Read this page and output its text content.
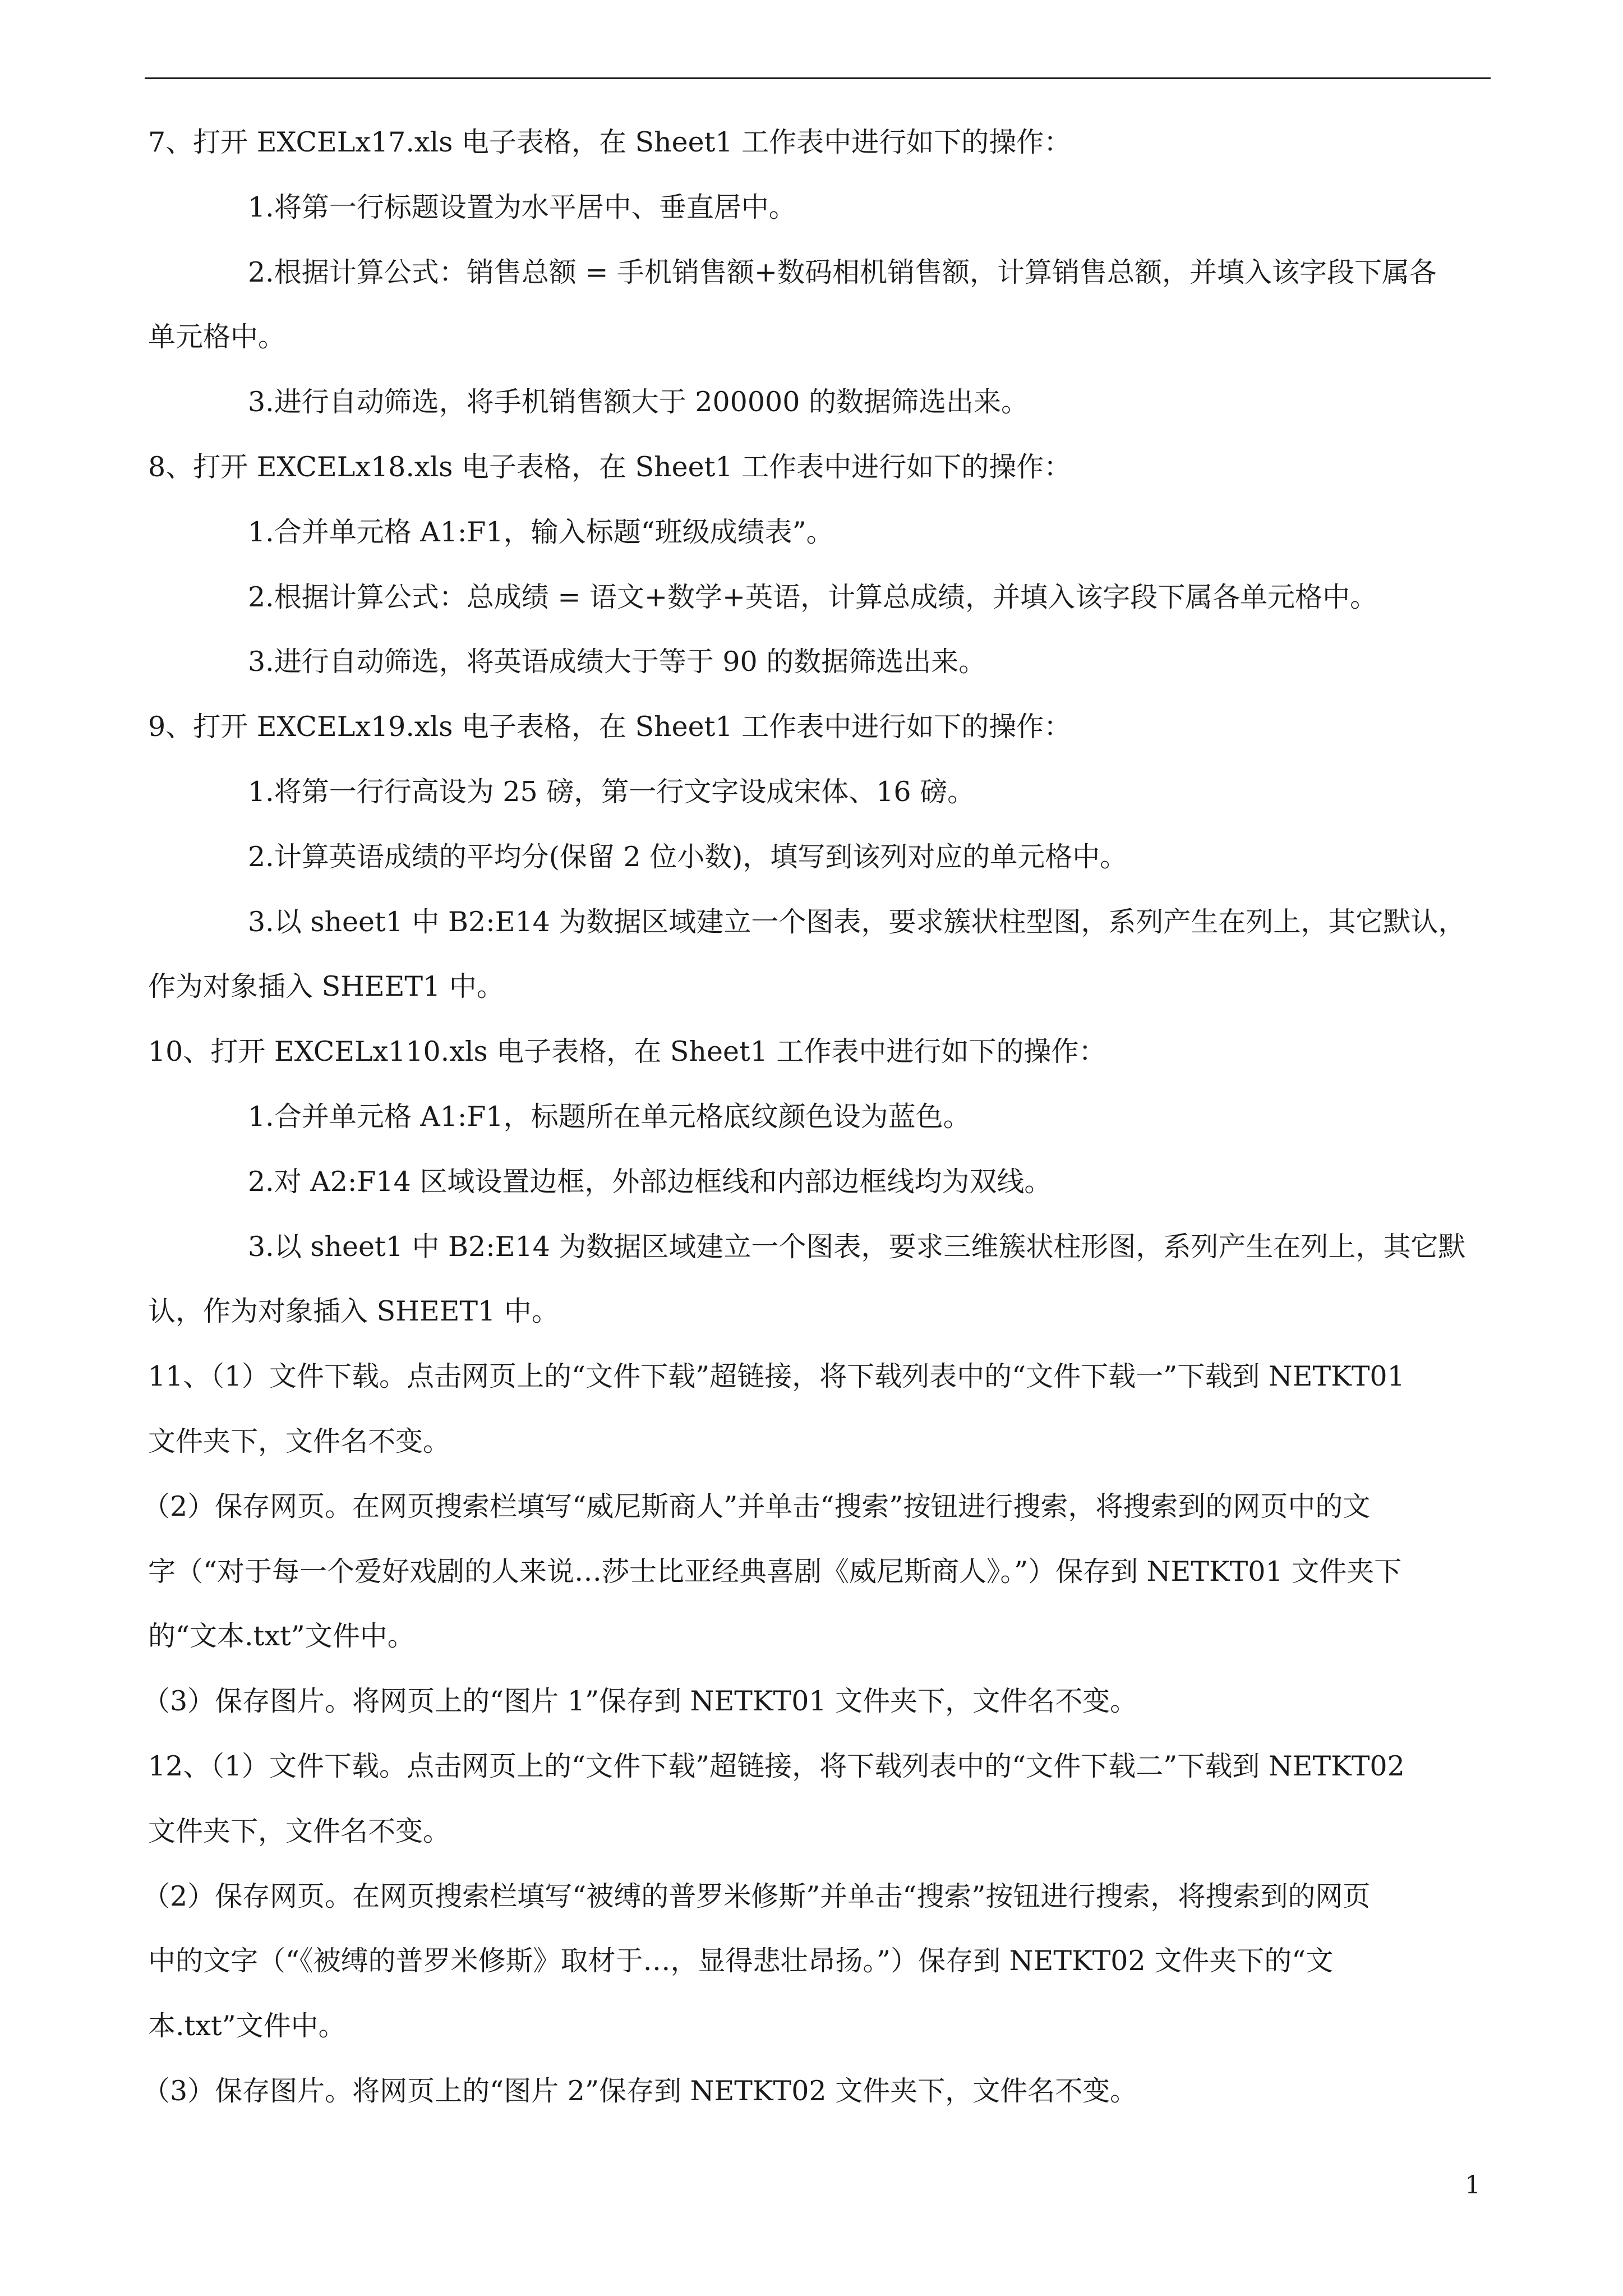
7、打开 EXCELx17.xls 电子表格，在 Sheet1 工作表中进行如下的操作：
1.将第一行标题设置为水平居中、垂直居中。
2.根据计算公式：销售总额 = 手机销售额+数码相机销售额，计算销售总额，并填入该字段下属各
单元格中。
3.进行自动筛选，将手机销售额大于 200000 的数据筛选出来。
8、打开 EXCELx18.xls 电子表格，在 Sheet1 工作表中进行如下的操作：
1.合并单元格 A1:F1，输入标题“班级成绩表”。
2.根据计算公式：总成绩 = 语文+数学+英语，计算总成绩，并填入该字段下属各单元格中。
3.进行自动筛选，将英语成绩大于等于 90 的数据筛选出来。
9、打开 EXCELx19.xls 电子表格，在 Sheet1 工作表中进行如下的操作：
1.将第一行行高设为 25 磅，第一行文字设成宋体、16 磅。
2.计算英语成绩的平均分(保留 2 位小数)，填写到该列对应的单元格中。
3.以 sheet1 中 B2:E14 为数据区域建立一个图表，要求簇状柱型图，系列产生在列上，其它默认，
作为对象插入 SHEET1 中。
10、打开 EXCELx110.xls 电子表格，在 Sheet1 工作表中进行如下的操作：
1.合并单元格 A1:F1，标题所在单元格底纹颜色设为蓝色。
2.对 A2:F14 区域设置边框，外部边框线和内部边框线均为双线。
3.以 sheet1 中 B2:E14 为数据区域建立一个图表，要求三维簇状柱形图，系列产生在列上，其它默
认，作为对象插入 SHEET1 中。
11、（1）文件下载。点击网页上的“文件下载”超链接，将下载列表中的“文件下载一”下载到 NETKT01
文件夹下，文件名不变。
（2）保存网页。在网页搜索栏填写“威尼斯商人”并单击“搜索”按钮进行搜索，将搜索到的网页中的文
字（“对于每一个爱好戏剧的人来说…莎士比亚经典喜剧《威尼斯商人》。”）保存到 NETKT01 文件夹下
的“文本.txt”文件中。
（3）保存图片。将网页上的“图片 1”保存到 NETKT01 文件夹下，文件名不变。
12、（1）文件下载。点击网页上的“文件下载”超链接，将下载列表中的“文件下载二”下载到 NETKT02
文件夹下，文件名不变。
（2）保存网页。在网页搜索栏填写“被缚的普罗米修斯”并单击“搜索”按钮进行搜索，将搜索到的网页
中的文字（“《被缚的普罗米修斯》取材于…，显得悲壮昂扬。”）保存到 NETKT02 文件夹下的“文
本.txt”文件中。
（3）保存图片。将网页上的“图片 2”保存到 NETKT02 文件夹下，文件名不变。
1
